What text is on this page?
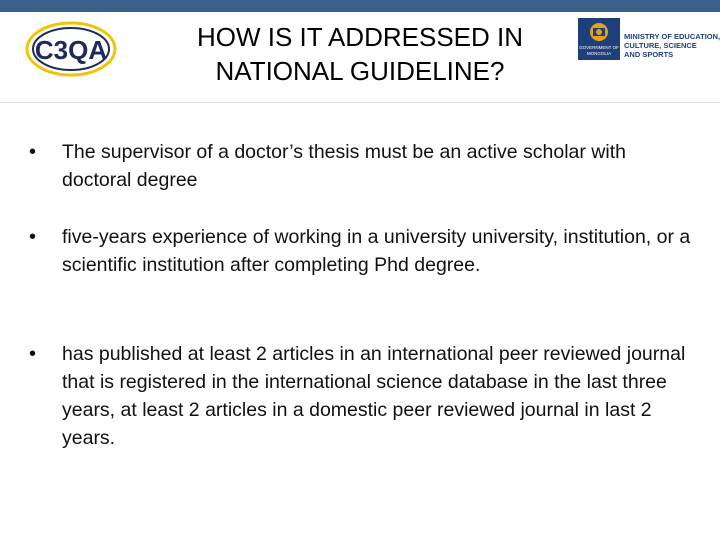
C3QA	HOW IS IT ADDRESSED IN
NATIONAL GUIDELINE?
GOVERNMENT OF
MONGOLIA
MINISTRY OF EDUCATION,
CULTURE, SCIENCE
AND SPORTS
• The supervisor of a doctor’s thesis must be an active scholar with doctoral degree
• five-years experience of working in a university university, institution, or a scientific institution after completing Phd degree.
• has published at least 2 articles in an international peer reviewed journal that is registered in the international science database in the last three years, at least 2 articles in a domestic peer reviewed journal in last 2 years.
